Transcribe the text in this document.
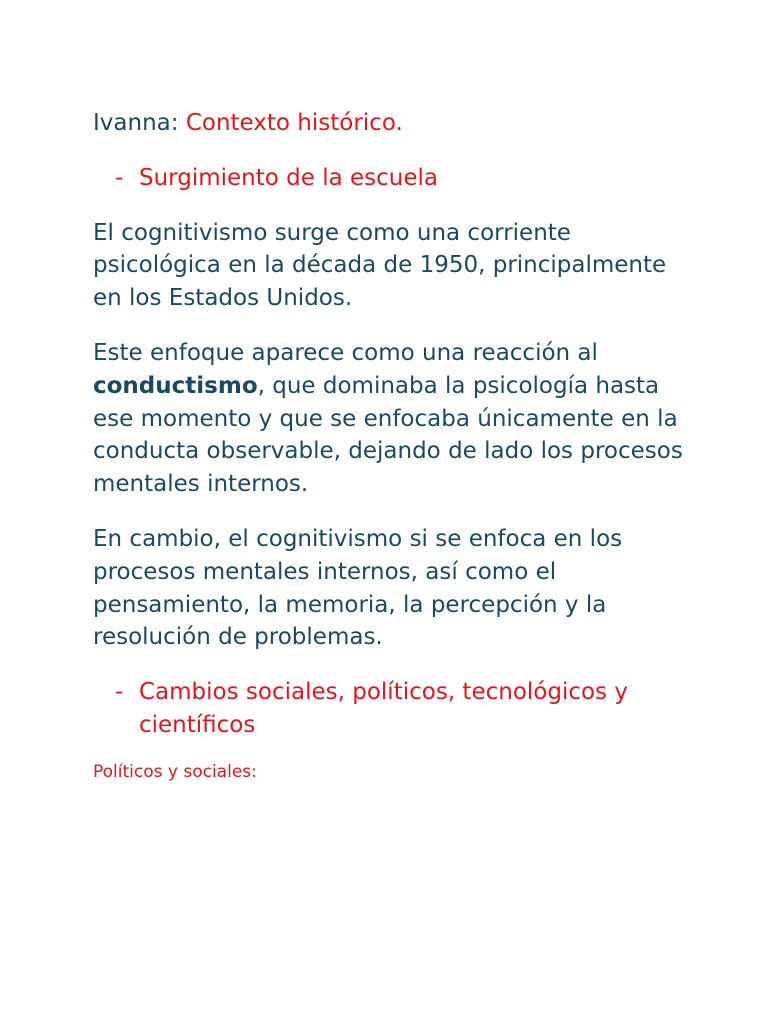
Ivanna: Contexto histórico.
- Surgimiento de la escuela

El cognitivismo surge como una corriente psicológica en la década de 1950, principalmente en los Estados Unidos.

Este enfoque aparece como una reacción al conductismo, que dominaba la psicología hasta ese momento y que se enfocaba únicamente en la conducta observable, dejando de lado los procesos mentales internos.

En cambio, el cognitivismo si se enfoca en los procesos mentales internos, así como el pensamiento, la memoria, la percepción y la resolución de problemas.

- Cambios sociales, políticos, tecnológicos y científicos
Políticos y sociales:
